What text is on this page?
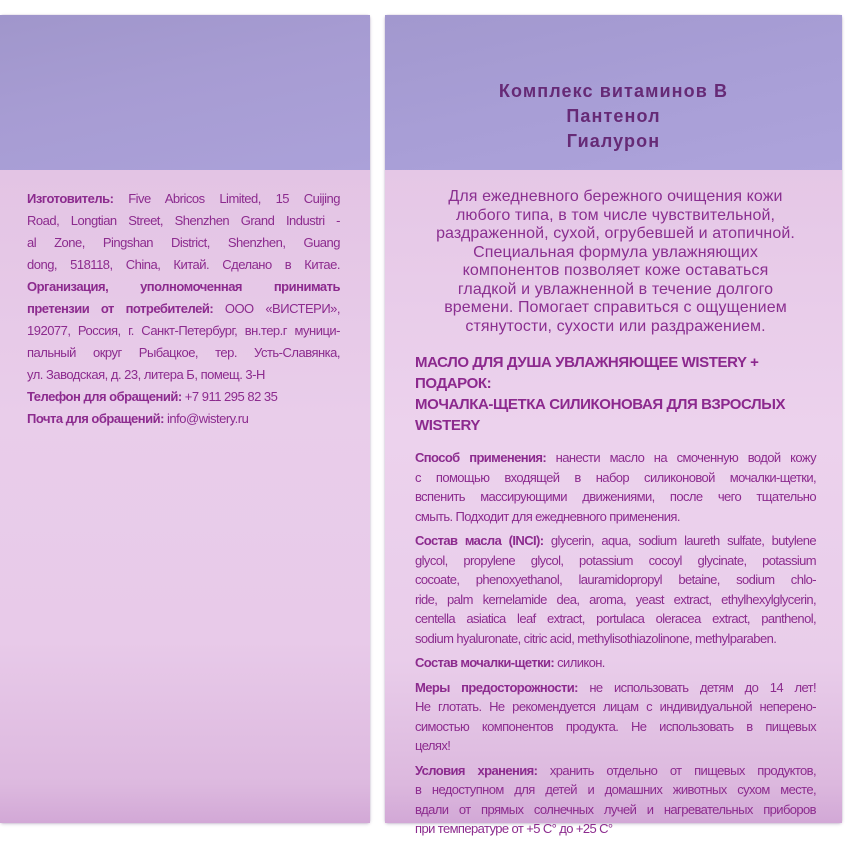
Изготовитель: Five Abricos Limited, 15 Cuijing
Road, Longtian Street, Shenzhen Grand Industri -
al Zone, Pingshan District, Shenzhen, Guang
dong, 518118, China, Китай. Сделано в Китае.
Организация, уполномоченная принимать
претензии от потребителей: ООО «ВИСТЕРИ»,
192077, Россия, г. Санкт-Петербург, вн.тер.г муници-
пальный округ Рыбацкое, тер. Усть-Славянка,
ул. Заводская, д. 23, литера Б, помещ. 3-Н
Телефон для обращений: +7 911 295 82 35
Почта для обращений: info@wistery.ru
Комплекс витаминов В
Пантенол
Гиалурон
Для ежедневного бережного очищения кожи
любого типа, в том числе чувствительной,
раздраженной, сухой, огрубевшей и атопичной.
Специальная формула увлажняющих
компонентов позволяет коже оставаться
гладкой и увлажненной в течение долгого
времени. Помогает справиться с ощущением
стянутости, сухости или раздражением.
МАСЛО ДЛЯ ДУША УВЛАЖНЯЮЩЕЕ WISTERY + ПОДАРОК:
МОЧАЛКА-ЩЕТКА СИЛИКОНОВАЯ ДЛЯ ВЗРОСЛЫХ WISTERY
Способ применения: нанести масло на смоченную водой кожу
с помощью входящей в набор силиконовой мочалки-щетки,
вспенить массирующими движениями, после чего тщательно
смыть. Подходит для ежедневного применения.
Состав масла (INCI): glycerin, aqua, sodium laureth sulfate, butylene
glycol, propylene glycol, potassium cocoyl glycinate, potassium
cocoate, phenoxyethanol, lauramidopropyl betaine, sodium chlo-
ride, palm kernelamide dea, aroma, yeast extract, ethylhexylglycerin,
centella asiatica leaf extract, portulaca oleracea extract, panthenol,
sodium hyaluronate, citric acid, methylisothiazolinone, methylparaben.
Состав мочалки-щетки: силикон.
Меры предосторожности: не использовать детям до 14 лет!
Не глотать. Не рекомендуется лицам с индивидуальной неперено-
симостью компонентов продукта. Не использовать в пищевых
целях!
Условия хранения: хранить отдельно от пищевых продуктов,
в недоступном для детей и домашних животных сухом месте,
вдали от прямых солнечных лучей и нагревательных приборов
при температуре от +5 С° до +25 С°
